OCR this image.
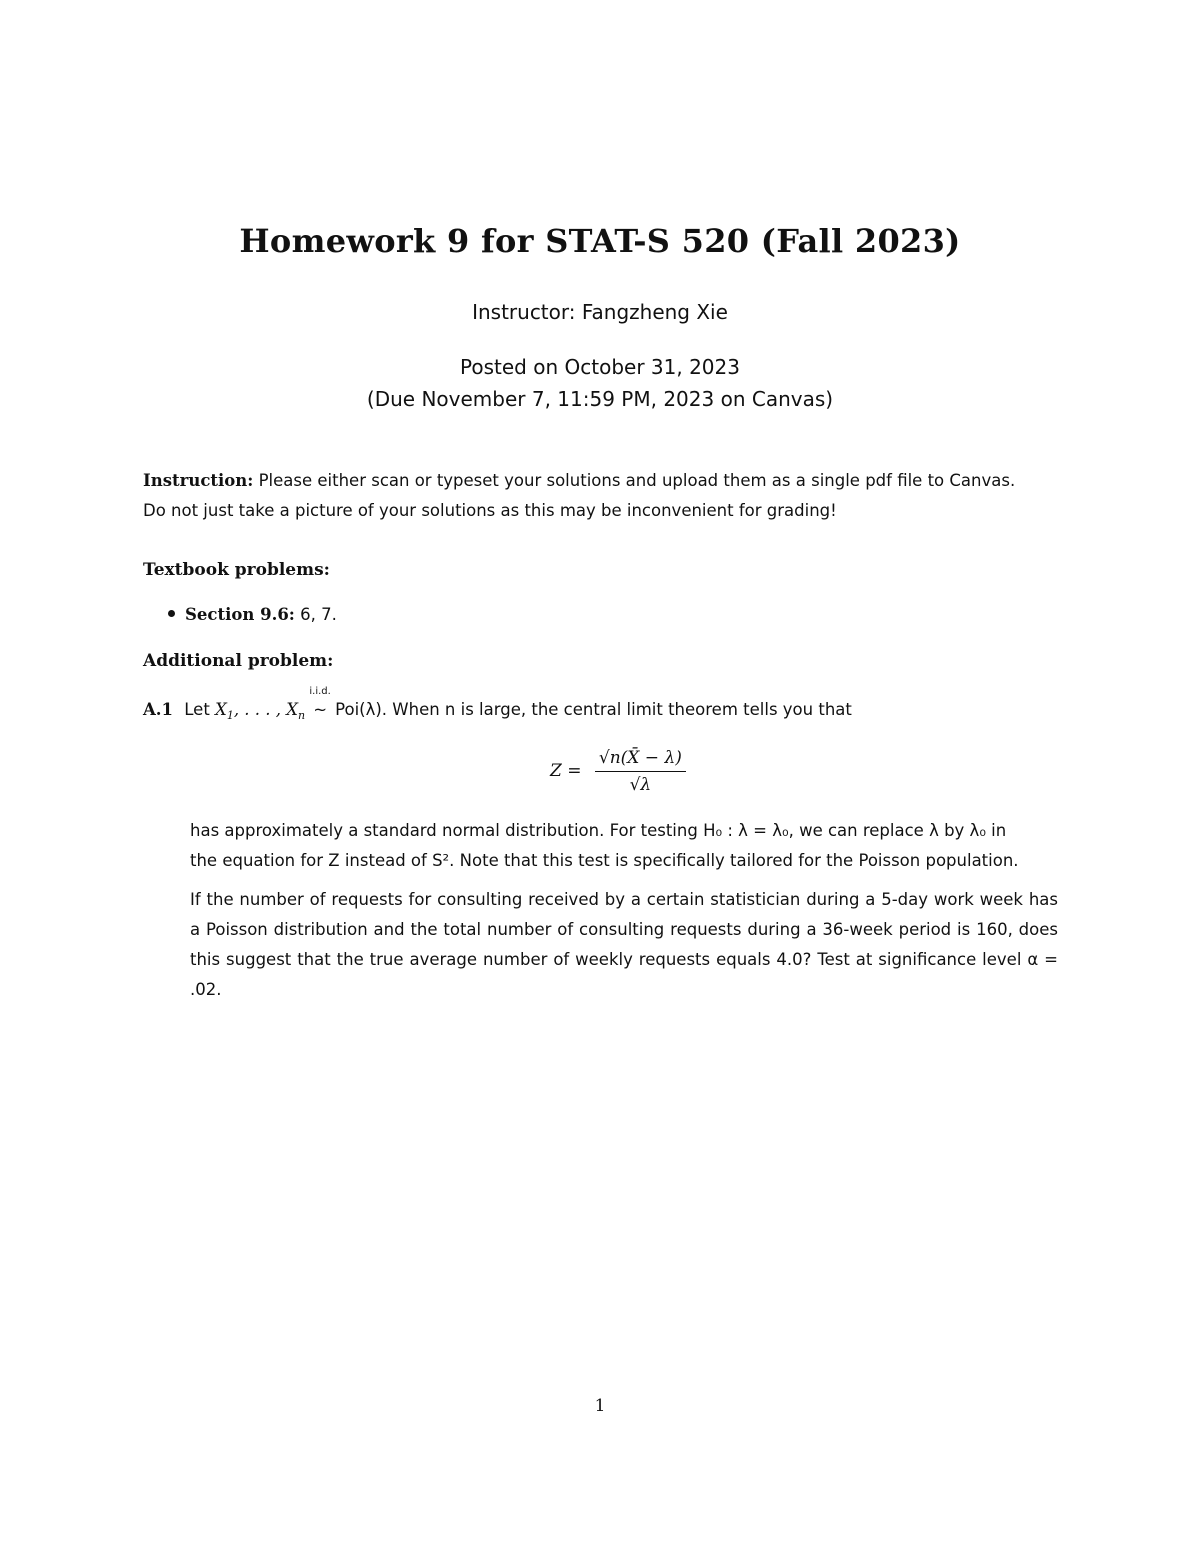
Homework 9 for STAT-S 520 (Fall 2023)
Instructor: Fangzheng Xie
Posted on October 31, 2023
(Due November 7, 11:59 PM, 2023 on Canvas)
Instruction: Please either scan or typeset your solutions and upload them as a single pdf file to Canvas.
Do not just take a picture of your solutions as this may be inconvenient for grading!
Textbook problems:
Section 9.6: 6, 7.
Additional problem:
A.1 Let $X_1$, . . . , $X_n$
i.i.d.
∼ Poi(λ). When n is large, the central limit theorem tells you that
$Z = \frac{√n(X̄ - \lambda)}{√\lambda}$
has approximately a standard normal distribution. For testing H₀ : λ = λ₀, we can replace λ by λ₀ in
the equation for Z instead of S². Note that this test is specifically tailored for the Poisson population.
If the number of requests for consulting received by a certain statistician during a 5-day work week has a Poisson distribution and the total number of consulting requests during a 36-week period is 160, does this suggest that the true average number of weekly requests equals 4.0? Test at significance level α = .02.
1
